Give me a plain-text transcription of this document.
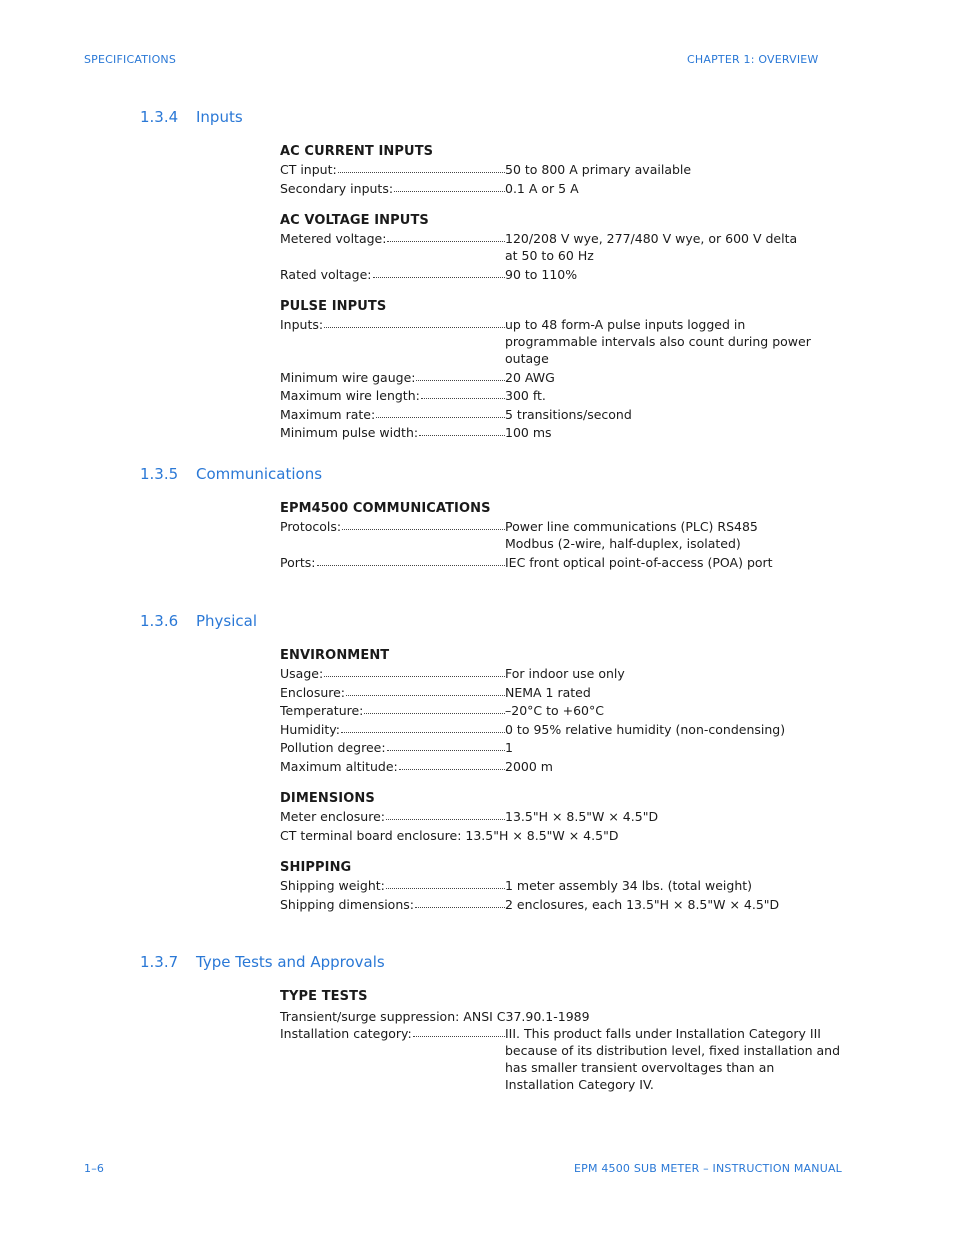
SPECIFICATIONS	CHAPTER 1: OVERVIEW
1.3.4 Inputs
AC CURRENT INPUTS
CT input:	50 to 800 A primary available
Secondary inputs:	0.1 A or 5 A
AC VOLTAGE INPUTS
Metered voltage:	120/208 V wye, 277/480 V wye, or 600 V delta at 50 to 60 Hz
Rated voltage:	90 to 110%
PULSE INPUTS
Inputs:	up to 48 form-A pulse inputs logged in programmable intervals also count during power outage
Minimum wire gauge:	20 AWG
Maximum wire length:	300 ft.
Maximum rate:	5 transitions/second
Minimum pulse width:	100 ms
1.3.5 Communications
EPM4500 COMMUNICATIONS
Protocols:	Power line communications (PLC) RS485 Modbus (2-wire, half-duplex, isolated)
Ports:	IEC front optical point-of-access (POA) port
1.3.6 Physical
ENVIRONMENT
Usage:	For indoor use only
Enclosure:	NEMA 1 rated
Temperature:	–20°C to +60°C
Humidity:	0 to 95% relative humidity (non-condensing)
Pollution degree:	1
Maximum altitude:	2000 m
DIMENSIONS
Meter enclosure:	13.5"H × 8.5"W × 4.5"D
CT terminal board enclosure: 13.5"H × 8.5"W × 4.5"D
SHIPPING
Shipping weight:	1 meter assembly 34 lbs. (total weight)
Shipping dimensions:	2 enclosures, each 13.5"H × 8.5"W × 4.5"D
1.3.7 Type Tests and Approvals
TYPE TESTS
Transient/surge suppression: ANSI C37.90.1-1989
Installation category:	III. This product falls under Installation Category III because of its distribution level, fixed installation and has smaller transient overvoltages than an Installation Category IV.
1–6	EPM 4500 SUB METER – INSTRUCTION MANUAL
